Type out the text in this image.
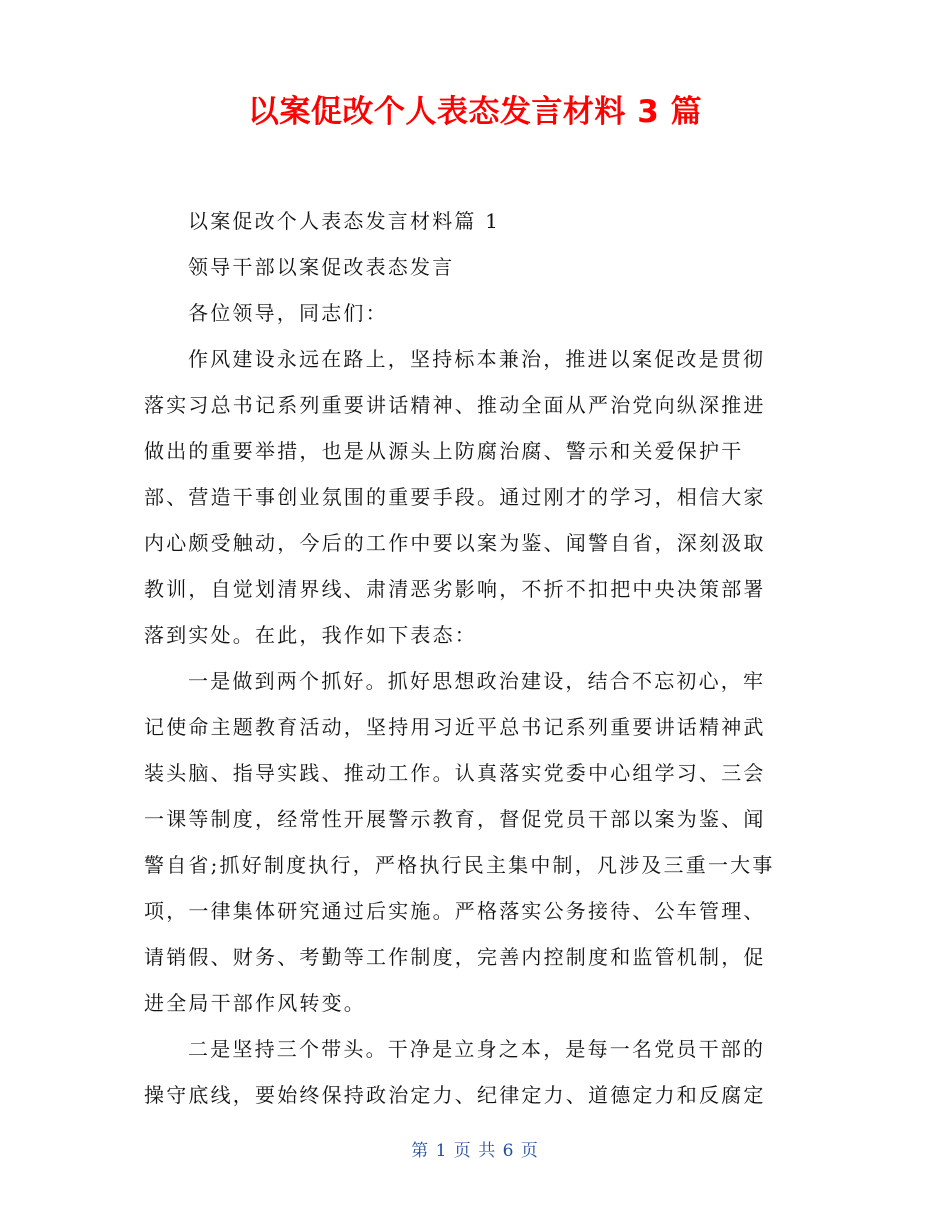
以案促改个人表态发言材料 3 篇
以案促改个人表态发言材料篇 1
领导干部以案促改表态发言
各位领导，同志们：
作风建设永远在路上，坚持标本兼治，推进以案促改是贯彻
落实习总书记系列重要讲话精神、推动全面从严治党向纵深推进
做出的重要举措，也是从源头上防腐治腐、警示和关爱保护干
部、营造干事创业氛围的重要手段。通过刚才的学习，相信大家
内心颇受触动，今后的工作中要以案为鉴、闻警自省，深刻汲取
教训，自觉划清界线、肃清恶劣影响，不折不扣把中央决策部署
落到实处。在此，我作如下表态：
一是做到两个抓好。抓好思想政治建设，结合不忘初心，牢
记使命主题教育活动，坚持用习近平总书记系列重要讲话精神武
装头脑、指导实践、推动工作。认真落实党委中心组学习、三会
一课等制度，经常性开展警示教育，督促党员干部以案为鉴、闻
警自省;抓好制度执行，严格执行民主集中制，凡涉及三重一大事
项，一律集体研究通过后实施。严格落实公务接待、公车管理、
请销假、财务、考勤等工作制度，完善内控制度和监管机制，促
进全局干部作风转变。
二是坚持三个带头。干净是立身之本，是每一名党员干部的
操守底线，要始终保持政治定力、纪律定力、道德定力和反腐定
第 1 页 共 6 页
